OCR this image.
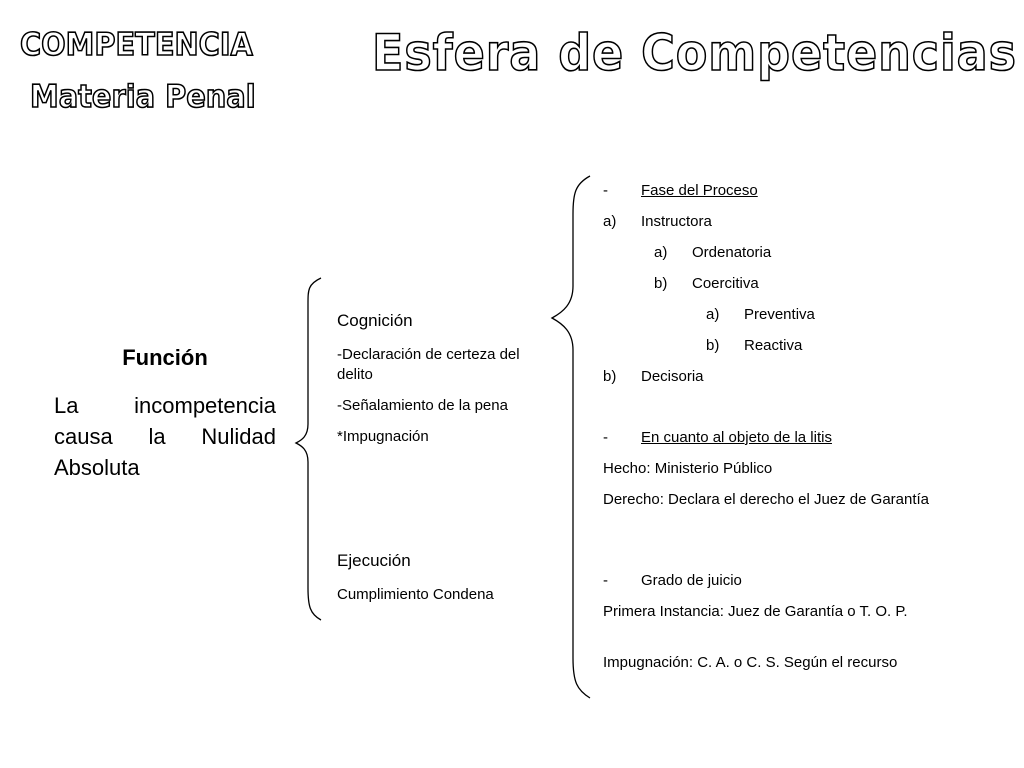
Esfera de Competencias
COMPETENCIA
Materia Penal
Función
La incompetencia causa la Nulidad Absoluta
Cognición
-Declaración de certeza del delito
-Señalamiento de la pena
*Impugnación
Ejecución
Cumplimiento Condena
- Fase del Proceso
a) Instructora
a) Ordenatoria
b) Coercitiva
a) Preventiva
b) Reactiva
b) Decisoria
- En cuanto al objeto de la litis
Hecho: Ministerio Público
Derecho: Declara el derecho el Juez de Garantía
- Grado de juicio
Primera Instancia: Juez de Garantía o T. O. P.
Impugnación: C. A. o C. S. Según el recurso
